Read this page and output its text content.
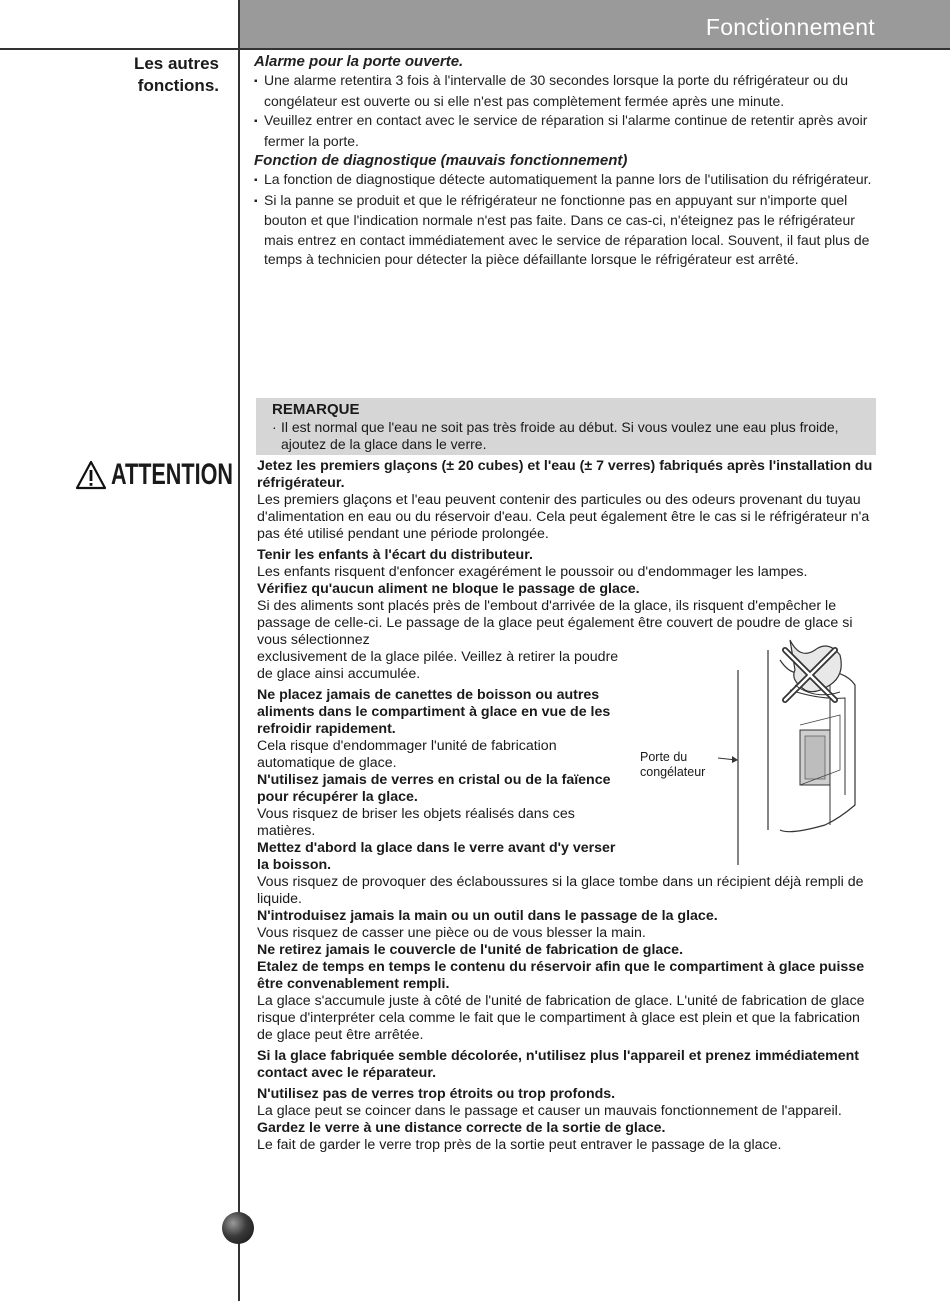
Fonctionnement
Les autres
fonctions.
ATTENTION
Alarme pour la porte ouverte.
▪ Une alarme retentira 3 fois à l'intervalle de 30 secondes lorsque la porte du réfrigérateur ou du congélateur est ouverte ou si elle n'est pas complètement fermée après une minute.
▪ Veuillez entrer en contact avec le service de réparation si l'alarme continue de retentir après avoir fermer la porte.
Fonction de diagnostique (mauvais fonctionnement)
▪ La fonction de diagnostique détecte automatiquement la panne lors de l'utilisation du réfrigérateur.
▪ Si la panne se produit et que le réfrigérateur ne fonctionne pas en appuyant sur n'importe quel bouton et que l'indication normale n'est pas faite. Dans ce cas-ci, n'éteignez pas le réfrigérateur mais entrez en contact immédiatement avec le service de réparation local. Souvent, il faut plus de temps à technicien pour détecter la pièce défaillante lorsque le réfrigérateur est arrêté.
REMARQUE
· Il est normal que l'eau ne soit pas très froide au début. Si vous voulez une eau plus froide, ajoutez de la glace dans le verre.
Jetez les premiers glaçons (± 20 cubes) et l'eau (± 7 verres) fabriqués après l'installation du réfrigérateur.
Les premiers glaçons et l'eau peuvent contenir des particules ou des odeurs provenant du tuyau d'alimentation en eau ou du réservoir d'eau. Cela peut également être le cas si le réfrigérateur n'a pas été utilisé pendant une période prolongée.
Tenir les enfants à l'écart du distributeur.
Les enfants risquent d'enfoncer exagérément le poussoir ou d'endommager les lampes.
Vérifiez qu'aucun aliment ne bloque le passage de glace.
Si des aliments sont placés près de l'embout d'arrivée de la glace, ils risquent d'empêcher le passage de celle-ci. Le passage de la glace peut également être couvert de poudre de glace si vous sélectionnez
exclusivement de la glace pilée. Veillez à retirer la poudre de glace ainsi accumulée.
Ne placez jamais de canettes de boisson ou autres aliments dans le compartiment à glace en vue de les refroidir rapidement.
Cela risque d'endommager l'unité de fabrication automatique de glace.
N'utilisez jamais de verres en cristal ou de la faïence pour récupérer la glace.
Vous risquez de briser les objets réalisés dans ces matières.
Mettez d'abord la glace dans le verre avant d'y verser la boisson.
Vous risquez de provoquer des éclaboussures si la glace tombe dans un récipient déjà rempli de liquide.
N'introduisez jamais la main ou un outil dans le passage de la glace.
Vous risquez de casser une pièce ou de vous blesser la main.
Ne retirez jamais le couvercle de l'unité de fabrication de glace.
Etalez de temps en temps le contenu du réservoir afin que le compartiment à glace puisse être convenablement rempli.
La glace s'accumule juste à côté de l'unité de fabrication de glace. L'unité de fabrication de glace risque d'interpréter cela comme le fait que le compartiment à glace est plein et que la fabrication de glace peut être arrêtée.
Si la glace fabriquée semble décolorée, n'utilisez plus l'appareil et prenez immédiatement contact avec le réparateur.
N'utilisez pas de verres trop étroits ou trop profonds.
La glace peut se coincer dans le passage et causer un mauvais fonctionnement de l'appareil.
Gardez le verre à une distance correcte de la sortie de glace.
Le fait de garder le verre trop près de la sortie peut entraver le passage de la glace.
Porte du
congélateur
